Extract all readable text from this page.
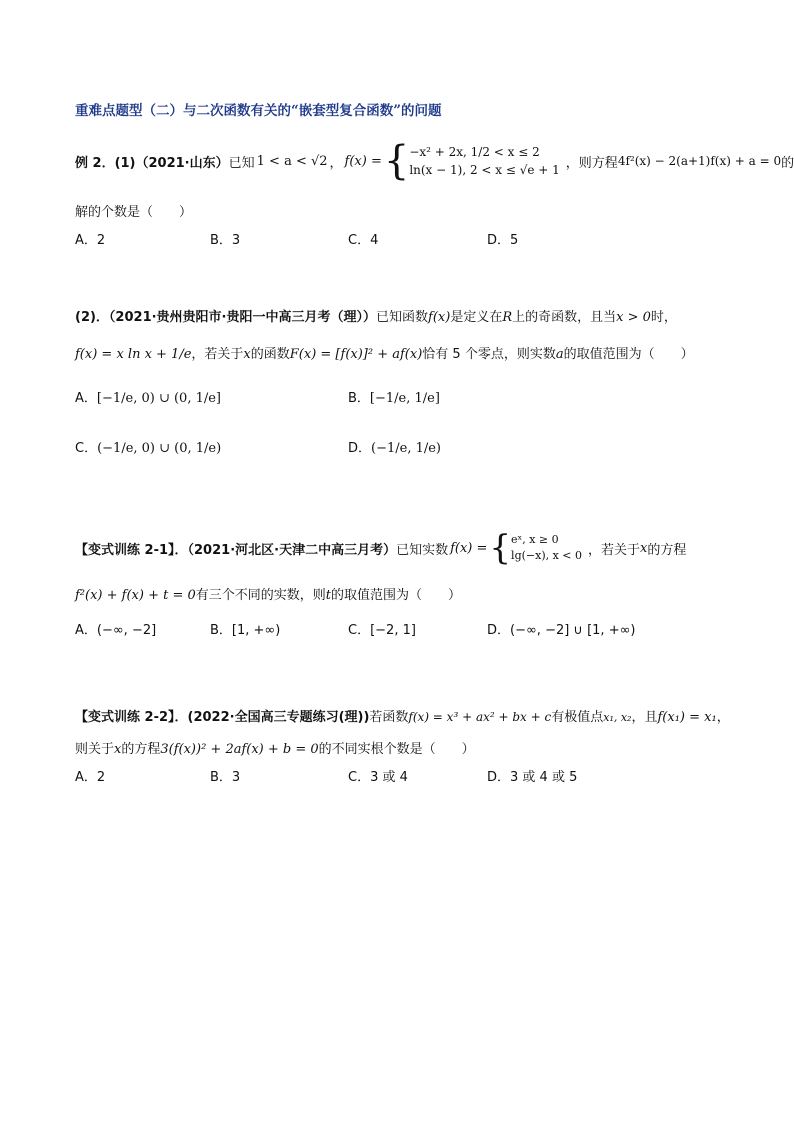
重难点题型（二）与二次函数有关的“嵌套型复合函数”的问题
例 2．(1)（2021·山东） 已知 1 < a < √2 ， f(x) = { −x² + 2x, 1/2 < x ≤ 2
ln(x − 1), 2 < x ≤ √e + 1 ，则方程 4f²(x) − 2(a+1)f(x) + a = 0 的
解的个数是（　　）
A．2	B．3	C．4	D．5
(2)．（2021·贵州贵阳市·贵阳一中高三月考（理））已知函数f(x)是定义在R上的奇函数，且当x > 0时，
f(x) = x ln x + 1/e，若关于x的函数F(x) = [f(x)]² + af(x)恰有 5 个零点，则实数a的取值范围为（　　）
A．[−1/e, 0) ∪ (0, 1/e]	B．[−1/e, 1/e]
C．(−1/e, 0) ∪ (0, 1/e)	D．(−1/e, 1/e)
【变式训练 2-1】．（2021·河北区·天津二中高三月考） 已知实数 f(x) = { eˣ, x ≥ 0
lg(−x), x < 0 ，若关于 x 的方程
f²(x) + f(x) + t = 0有三个不同的实数，则t的取值范围为（　　）
A．(−∞, −2]	B．[1, +∞)	C．[−2, 1]	D．(−∞, −2] ∪ [1, +∞)
【变式训练 2-2】．(2022·全国高三专题练习(理))若函数f(x) = x³ + ax² + bx + c有极值点x₁, x₂，且f(x₁) = x₁，
则关于x的方程3(f(x))² + 2af(x) + b = 0的不同实根个数是（　　）
A．2	B．3	C．3 或 4	D．3 或 4 或 5
